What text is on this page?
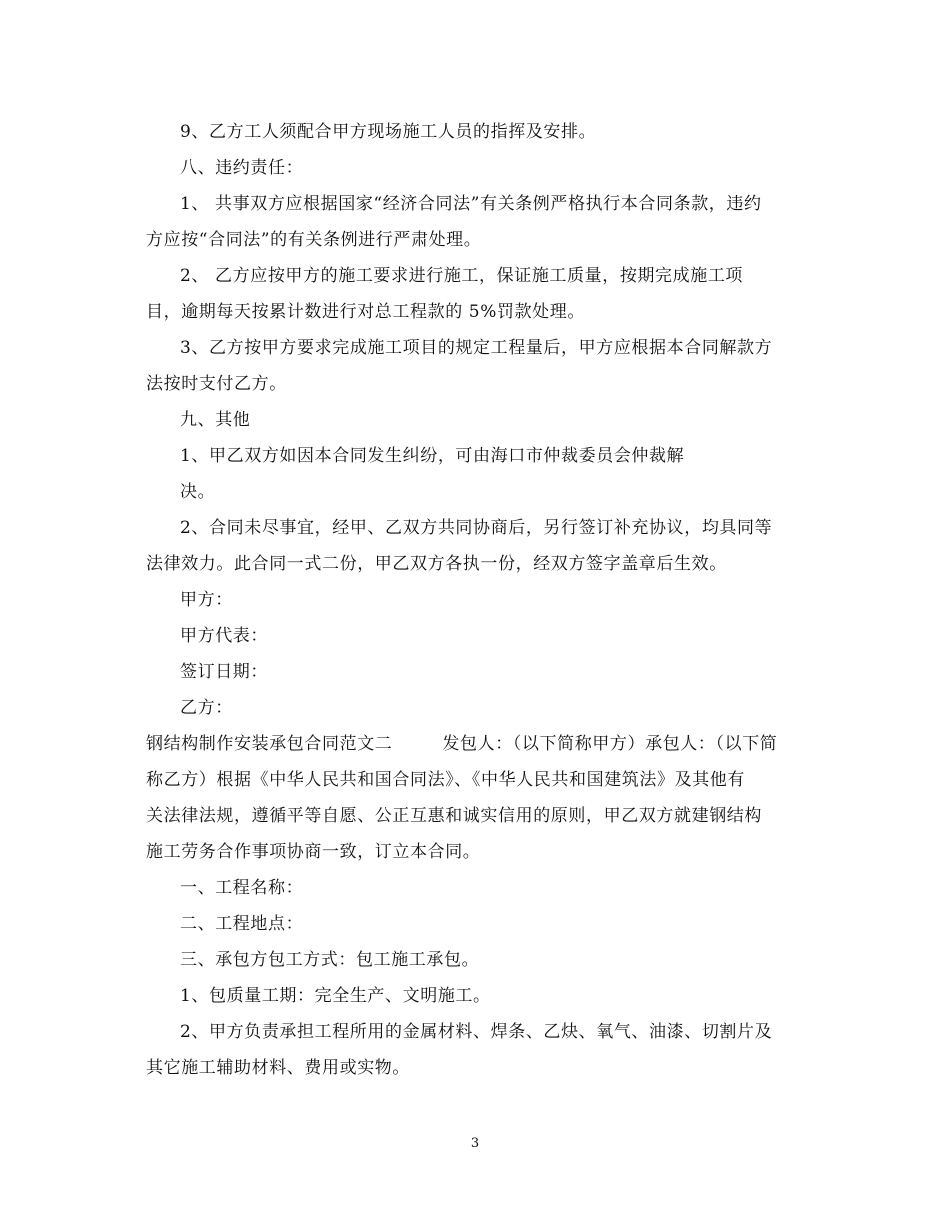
9、乙方工人须配合甲方现场施工人员的指挥及安排。

八、违约责任：

1、 共事双方应根据国家“经济合同法”有关条例严格执行本合同条款，违约

方应按“合同法”的有关条例进行严肃处理。

2、 乙方应按甲方的施工要求进行施工，保证施工质量，按期完成施工项

目，逾期每天按累计数进行对总工程款的 5%罚款处理。

3、乙方按甲方要求完成施工项目的规定工程量后，甲方应根据本合同解款方

法按时支付乙方。

九、其他

1、甲乙双方如因本合同发生纠纷，可由海口市仲裁委员会仲裁解

决。

2、合同未尽事宜，经甲、乙双方共同协商后，另行签订补充协议，均具同等

法律效力。此合同一式二份，甲乙双方各执一份，经双方签字盖章后生效。

甲方：

甲方代表：

签订日期：

乙方：

钢结构制作安装承包合同范文二	发包人：（以下简称甲方）承包人：（以下简

称乙方）根据《中华人民共和国合同法》、《中华人民共和国建筑法》及其他有

关法律法规，遵循平等自愿、公正互惠和诚实信用的原则，甲乙双方就建钢结构

施工劳务合作事项协商一致，订立本合同。

一、工程名称：

二、工程地点：

三、承包方包工方式：包工施工承包。

1、包质量工期：完全生产、文明施工。

2、甲方负责承担工程所用的金属材料、焊条、乙炔、氧气、油漆、切割片及

其它施工辅助材料、费用或实物。

3
